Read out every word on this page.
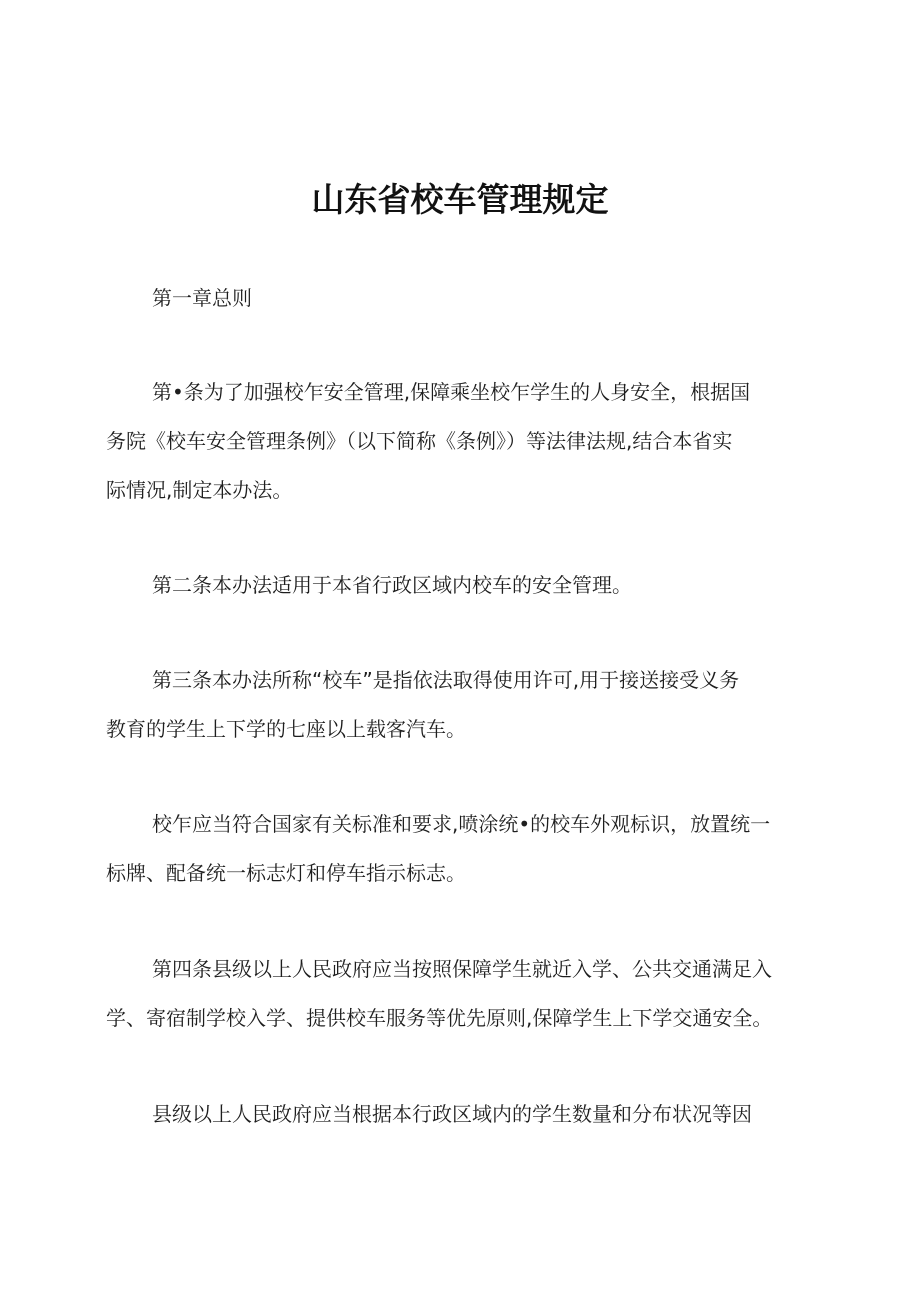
山东省校车管理规定

第一章总则

第•条为了加强校乍安全管理,保障乘坐校乍学生的人身安全，根据国
务院《校车安全管理条例》（以下简称《条例》）等法律法规,结合本省实
际情况,制定本办法。
第二条本办法适用于本省行政区域内校车的安全管理。
第三条本办法所称“校车”是指依法取得使用许可,用于接送接受义务
教育的学生上下学的七座以上载客汽车。
校乍应当符合国家有关标准和要求,喷涂统•的校车外观标识，放置统一
标牌、配备统一标志灯和停车指示标志。
第四条县级以上人民政府应当按照保障学生就近入学、公共交通满足入
学、寄宿制学校入学、提供校车服务等优先原则,保障学生上下学交通安全。
县级以上人民政府应当根据本行政区域内的学生数量和分布状况等因
